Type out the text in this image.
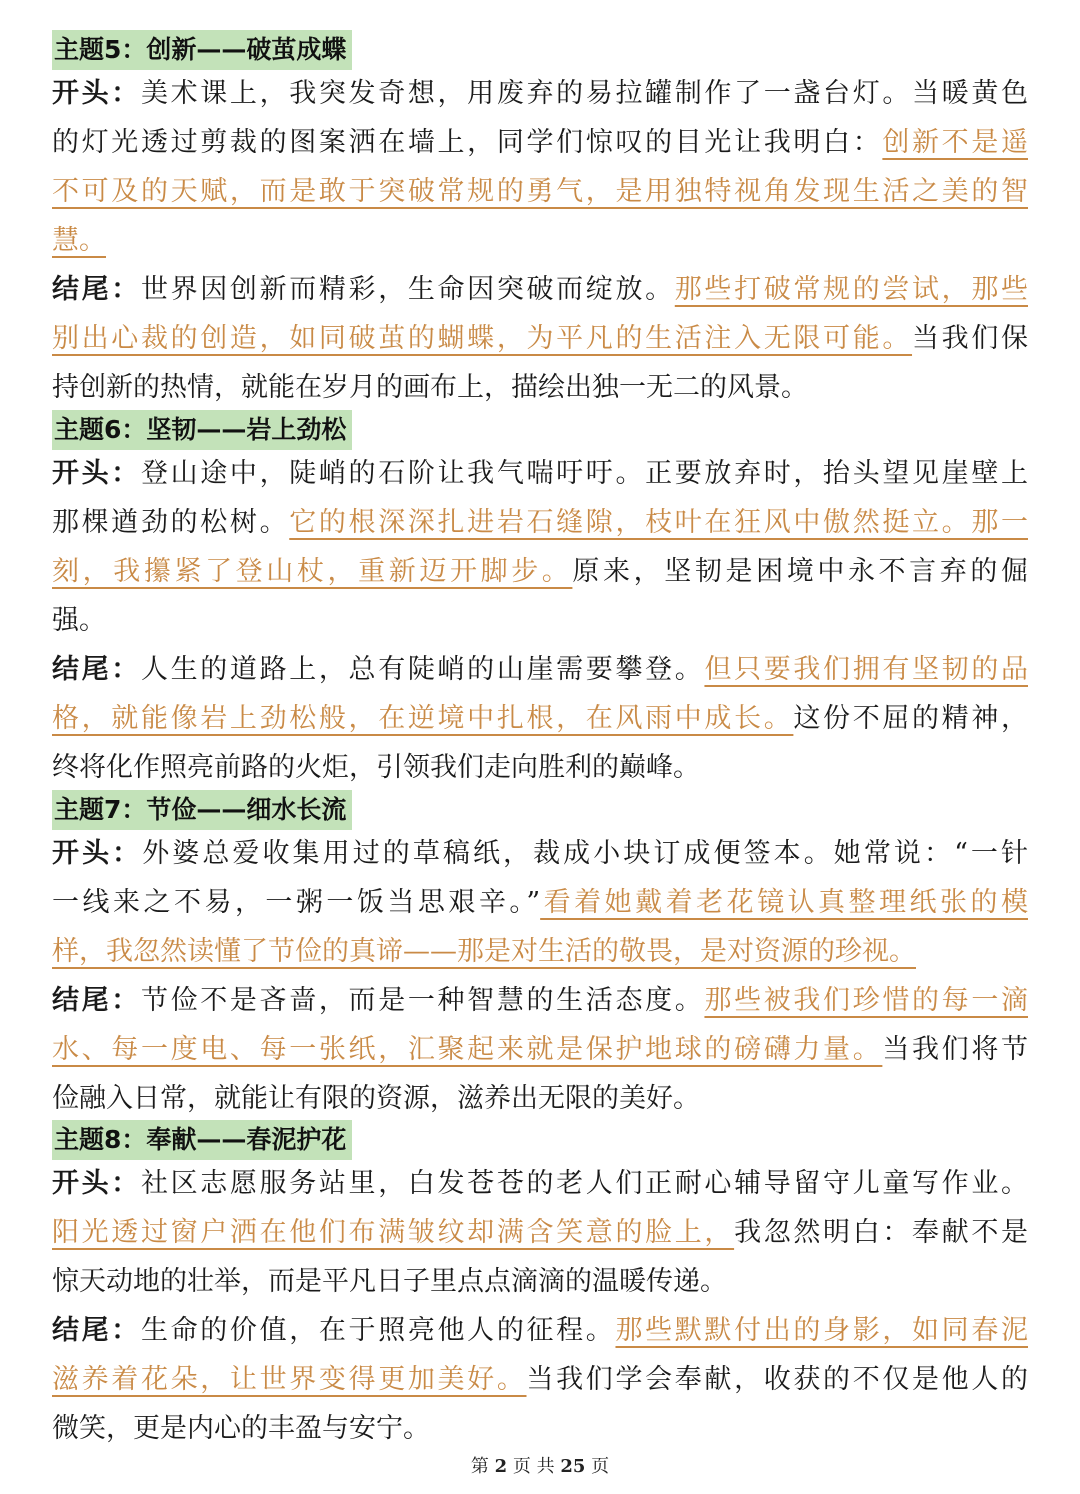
主题5：创新——破茧成蝶
开头：美术课上，我突发奇想，用废弃的易拉罐制作了一盏台灯。当暖黄色
的灯光透过剪裁的图案洒在墙上，同学们惊叹的目光让我明白：创新不是遥
不可及的天赋，而是敢于突破常规的勇气，是用独特视角发现生活之美的智
慧。
结尾：世界因创新而精彩，生命因突破而绽放。那些打破常规的尝试，那些
别出心裁的创造，如同破茧的蝴蝶，为平凡的生活注入无限可能。当我们保
持创新的热情，就能在岁月的画布上，描绘出独一无二的风景。
主题6：坚韧——岩上劲松
开头：登山途中，陡峭的石阶让我气喘吁吁。正要放弃时，抬头望见崖壁上
那棵遒劲的松树。它的根深深扎进岩石缝隙，枝叶在狂风中傲然挺立。那一
刻，我攥紧了登山杖，重新迈开脚步。原来，坚韧是困境中永不言弃的倔
强。
结尾：人生的道路上，总有陡峭的山崖需要攀登。但只要我们拥有坚韧的品
格，就能像岩上劲松般，在逆境中扎根，在风雨中成长。这份不屈的精神，
终将化作照亮前路的火炬，引领我们走向胜利的巅峰。
主题7：节俭——细水长流
开头：外婆总爱收集用过的草稿纸，裁成小块订成便签本。她常说：“一针
一线来之不易，一粥一饭当思艰辛。”看着她戴着老花镜认真整理纸张的模
样，我忽然读懂了节俭的真谛——那是对生活的敬畏，是对资源的珍视。
结尾：节俭不是吝啬，而是一种智慧的生活态度。那些被我们珍惜的每一滴
水、每一度电、每一张纸，汇聚起来就是保护地球的磅礴力量。当我们将节
俭融入日常，就能让有限的资源，滋养出无限的美好。
主题8：奉献——春泥护花
开头：社区志愿服务站里，白发苍苍的老人们正耐心辅导留守儿童写作业。
阳光透过窗户洒在他们布满皱纹却满含笑意的脸上，我忽然明白：奉献不是
惊天动地的壮举，而是平凡日子里点点滴滴的温暖传递。
结尾：生命的价值，在于照亮他人的征程。那些默默付出的身影，如同春泥
滋养着花朵，让世界变得更加美好。当我们学会奉献，收获的不仅是他人的
微笑，更是内心的丰盈与安宁。
第 2 页 共 25 页
